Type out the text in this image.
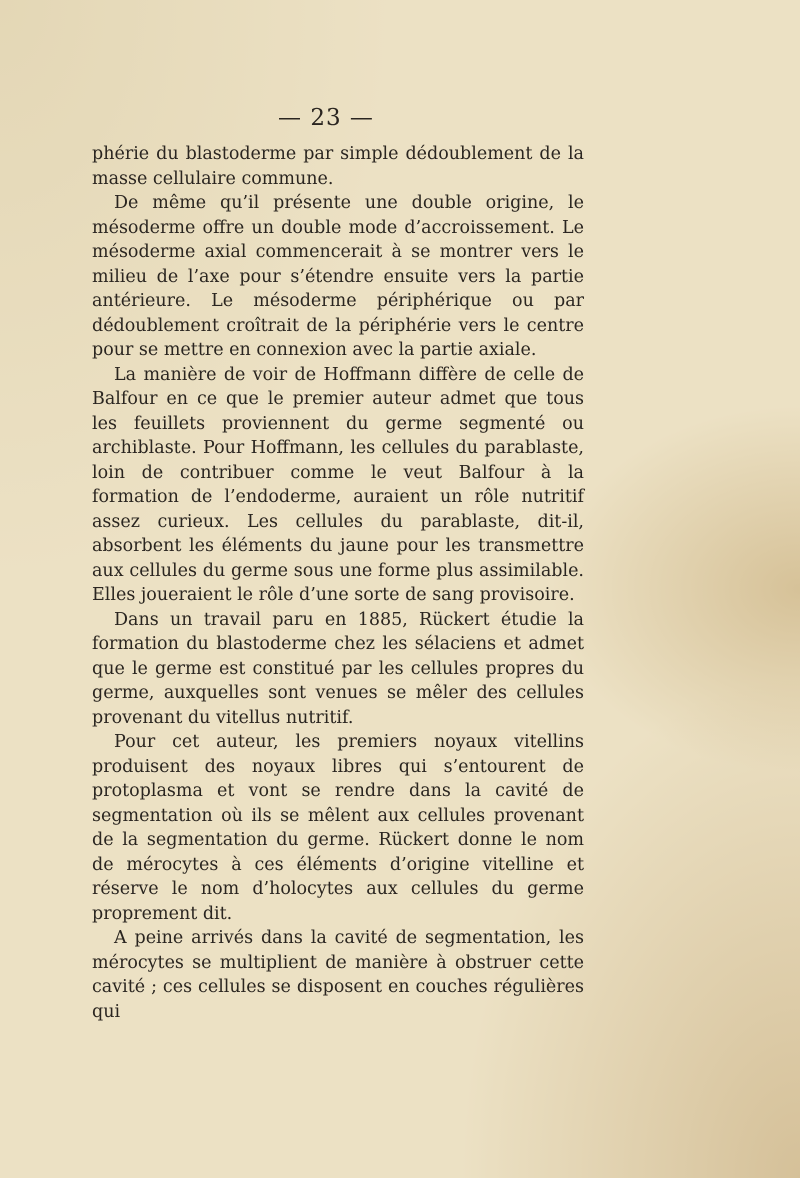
— 23 —

phérie du blastoderme par simple dédoublement de la masse cellulaire commune.

De même qu’il présente une double origine, le mésoderme offre un double mode d’accroissement. Le mésoderme axial commencerait à se montrer vers le milieu de l’axe pour s’étendre ensuite vers la partie antérieure. Le mésoderme périphérique ou par dédoublement croîtrait de la périphérie vers le centre pour se mettre en connexion avec la partie axiale.

La manière de voir de Hoffmann diffère de celle de Balfour en ce que le premier auteur admet que tous les feuillets proviennent du germe segmenté ou archiblaste. Pour Hoffmann, les cellules du parablaste, loin de contribuer comme le veut Balfour à la formation de l’endoderme, auraient un rôle nutritif assez curieux. Les cellules du parablaste, dit-il, absorbent les éléments du jaune pour les transmettre aux cellules du germe sous une forme plus assimilable. Elles joueraient le rôle d’une sorte de sang provisoire.

Dans un travail paru en 1885, Rückert étudie la formation du blastoderme chez les sélaciens et admet que le germe est constitué par les cellules propres du germe, auxquelles sont venues se mêler des cellules provenant du vitellus nutritif.

Pour cet auteur, les premiers noyaux vitellins produisent des noyaux libres qui s’entourent de protoplasma et vont se rendre dans la cavité de segmentation où ils se mêlent aux cellules provenant de la segmentation du germe. Rückert donne le nom de mérocytes à ces éléments d’origine vitelline et réserve le nom d’holocytes aux cellules du germe proprement dit.

A peine arrivés dans la cavité de segmentation, les mérocytes se multiplient de manière à obstruer cette cavité ; ces cellules se disposent en couches régulières qui
